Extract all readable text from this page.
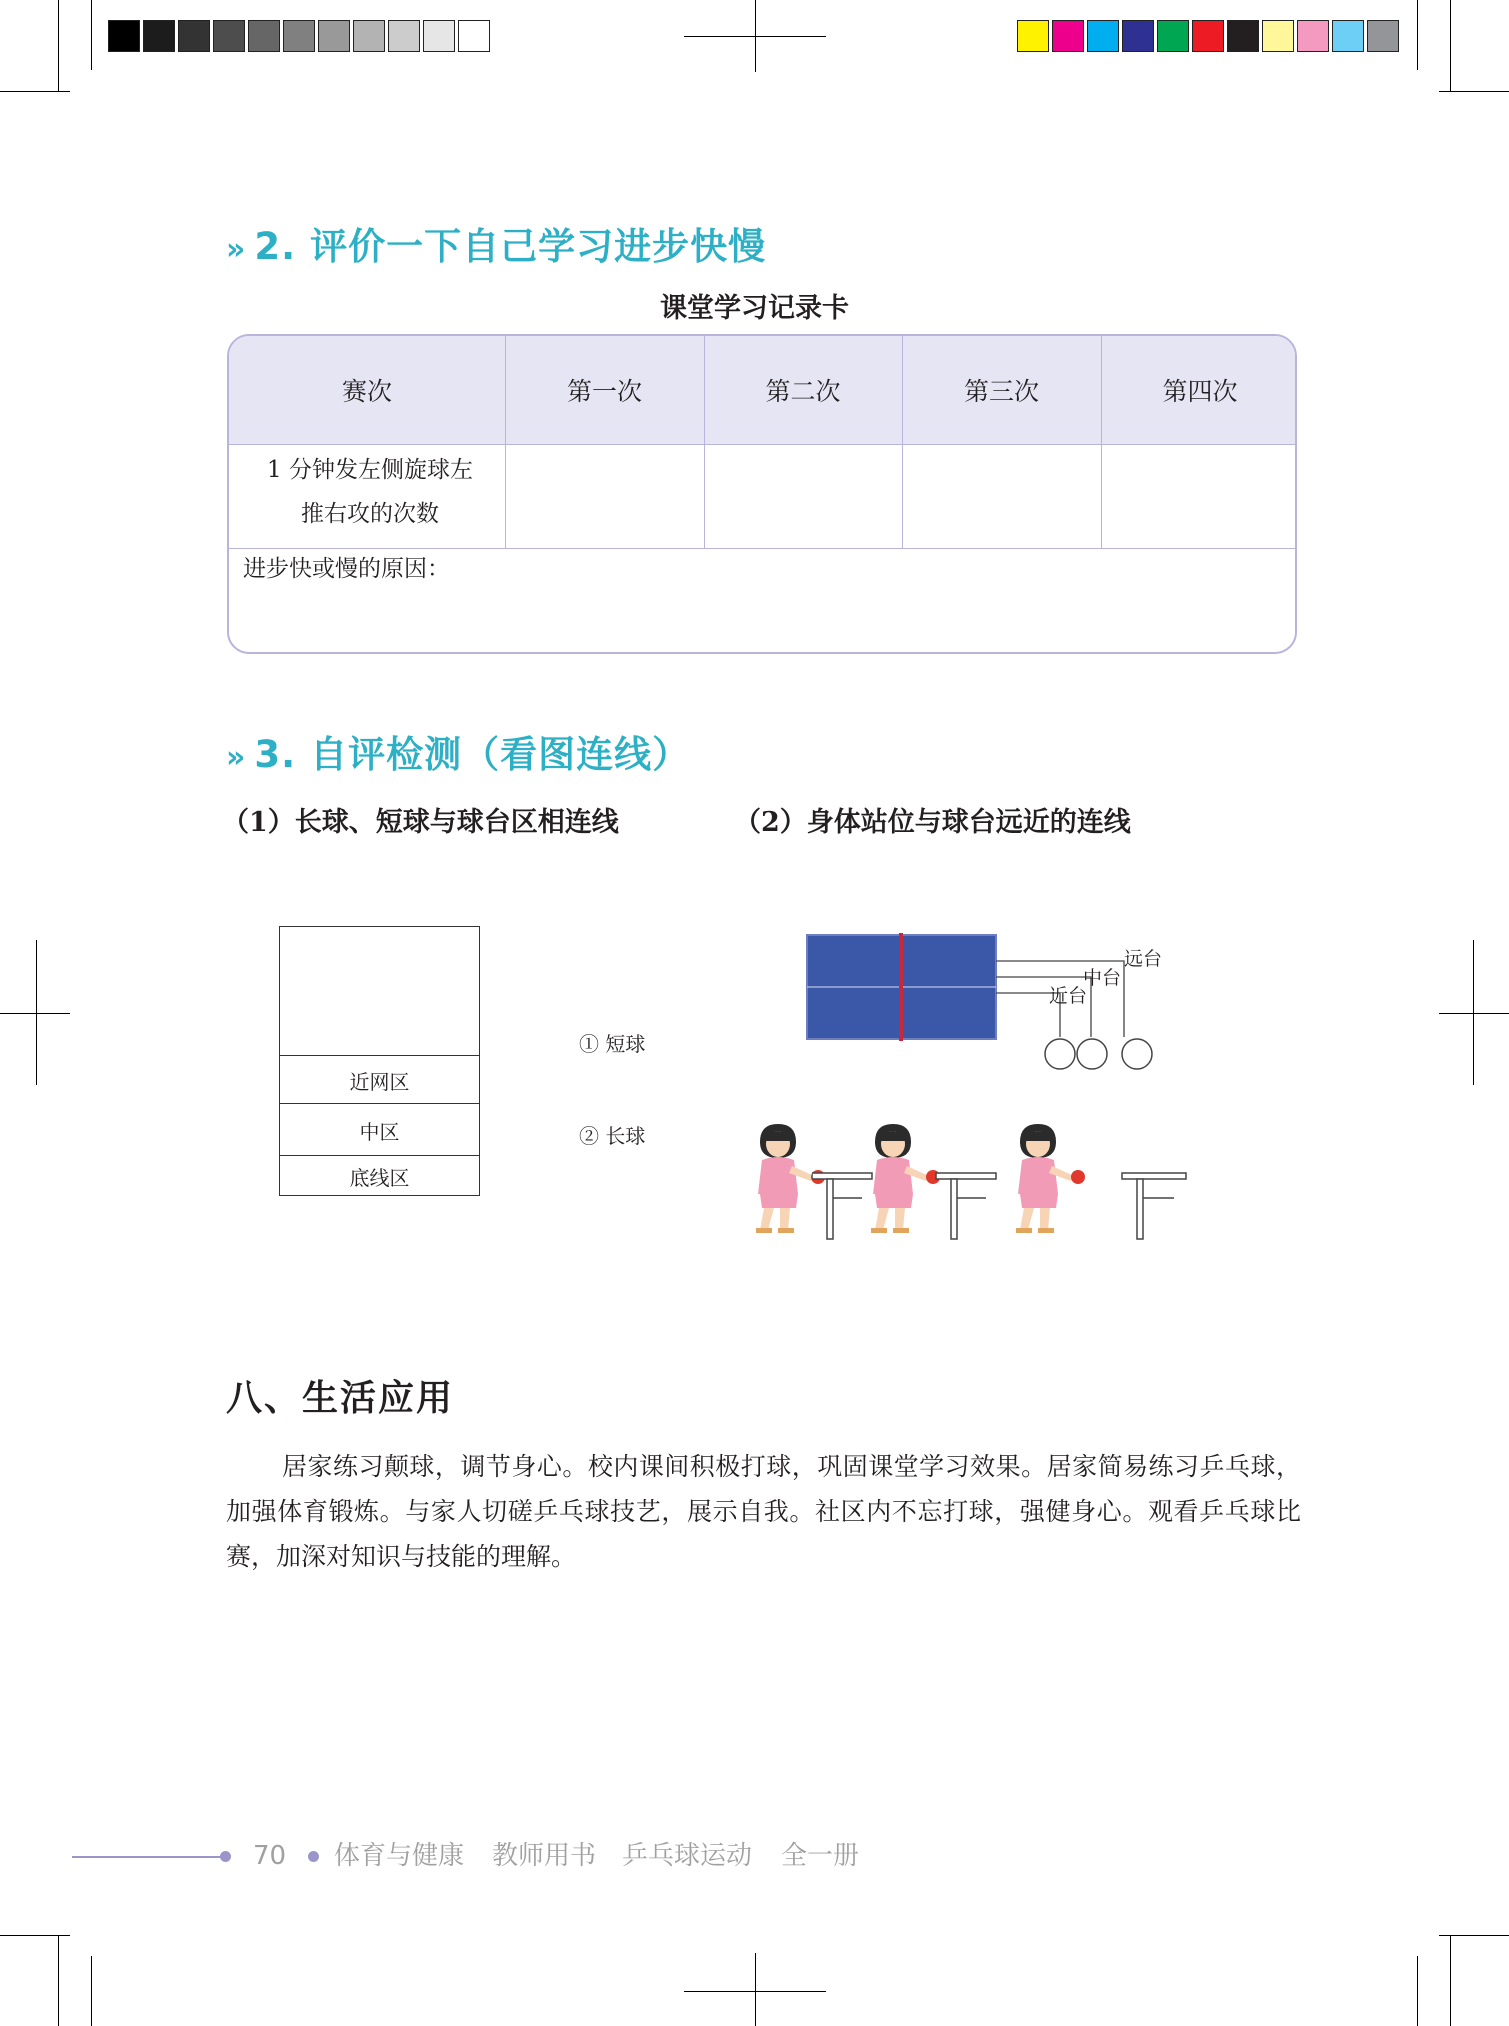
» 2. 评价一下自己学习进步快慢
课堂学习记录卡
赛次	第一次	第二次	第三次	第四次
1 分钟发左侧旋球左
推右攻的次数
进步快或慢的原因：
» 3. 自评检测（看图连线）
（1）长球、短球与球台区相连线	（2）身体站位与球台远近的连线
近网区
中区
底线区
① 短球
② 长球
近台
中台
远台
八、生活应用
居家练习颠球，调节身心。校内课间积极打球，巩固课堂学习效果。居家简易练习乒乓球，加强体育锻炼。与家人切磋乒乓球技艺，展示自我。社区内不忘打球，强健身心。观看乒乓球比赛，加深对知识与技能的理解。
70 体育与健康 教师用书 乒乓球运动 全一册
